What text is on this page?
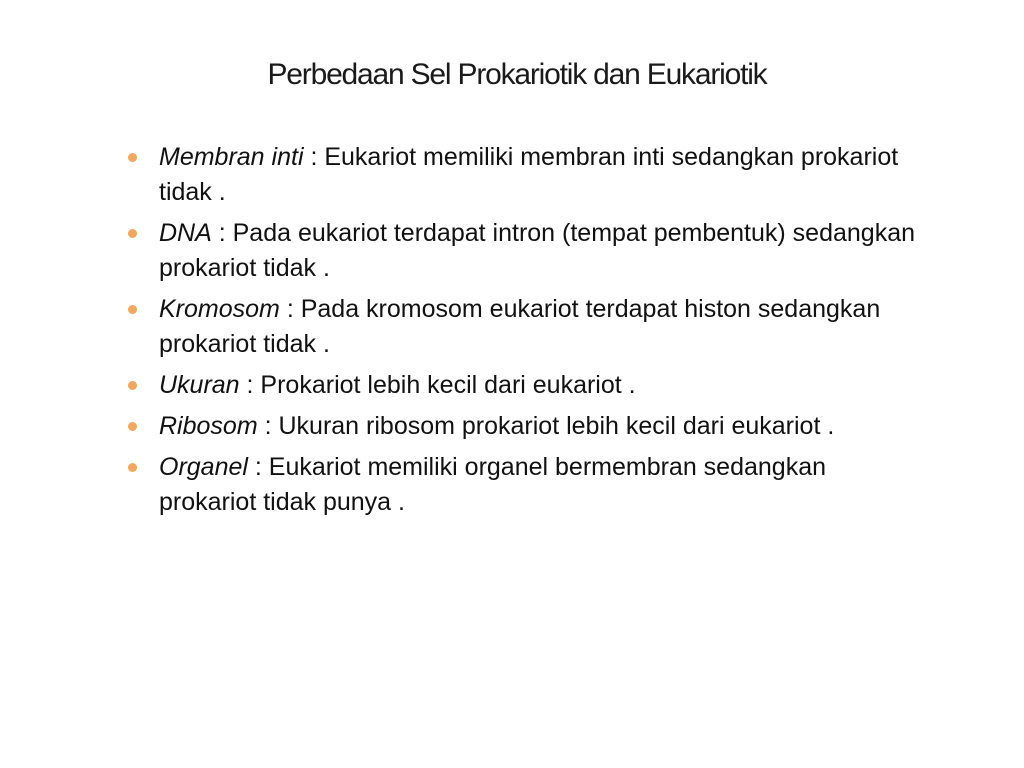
Perbedaan Sel Prokariotik dan Eukariotik
Membran inti : Eukariot memiliki membran inti sedangkan prokariot tidak .
DNA : Pada eukariot terdapat intron (tempat pembentuk) sedangkan prokariot tidak .
Kromosom : Pada kromosom eukariot terdapat histon sedangkan prokariot tidak .
Ukuran : Prokariot lebih kecil dari eukariot .
Ribosom : Ukuran ribosom prokariot lebih kecil dari eukariot .
Organel : Eukariot memiliki organel bermembran sedangkan prokariot tidak punya .
